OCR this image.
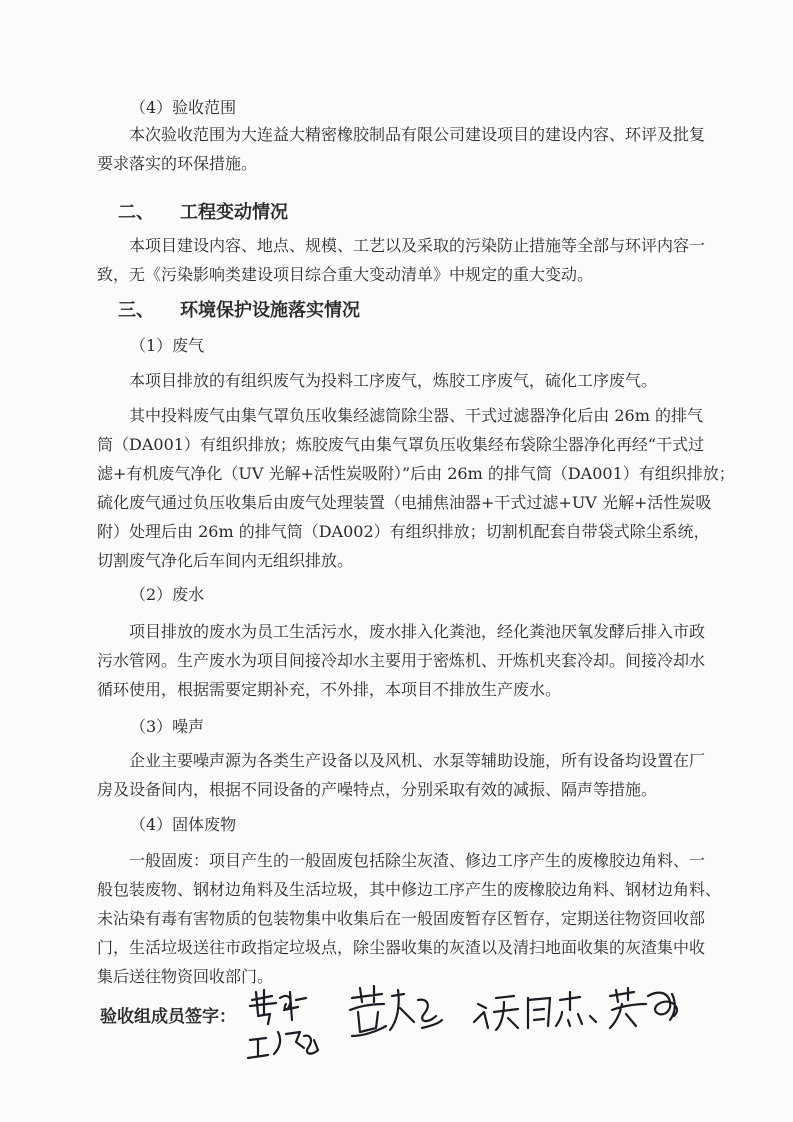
（4）验收范围
本次验收范围为大连益大精密橡胶制品有限公司建设项目的建设内容、环评及批复
要求落实的环保措施。
二、 工程变动情况
本项目建设内容、地点、规模、工艺以及采取的污染防止措施等全部与环评内容一
致，无《污染影响类建设项目综合重大变动清单》中规定的重大变动。
三、 环境保护设施落实情况
（1）废气
本项目排放的有组织废气为投料工序废气，炼胶工序废气，硫化工序废气。
其中投料废气由集气罩负压收集经滤筒除尘器、干式过滤器净化后由 26m 的排气
筒（DA001）有组织排放；炼胶废气由集气罩负压收集经布袋除尘器净化再经“干式过
滤+有机废气净化（UV 光解+活性炭吸附）”后由 26m 的排气筒（DA001）有组织排放；
硫化废气通过负压收集后由废气处理装置（电捕焦油器+干式过滤+UV 光解+活性炭吸
附）处理后由 26m 的排气筒（DA002）有组织排放；切割机配套自带袋式除尘系统，
切割废气净化后车间内无组织排放。
（2）废水
项目排放的废水为员工生活污水，废水排入化粪池，经化粪池厌氧发酵后排入市政
污水管网。生产废水为项目间接冷却水主要用于密炼机、开炼机夹套冷却。间接冷却水
循环使用，根据需要定期补充，不外排，本项目不排放生产废水。
（3）噪声
企业主要噪声源为各类生产设备以及风机、水泵等辅助设施，所有设备均设置在厂
房及设备间内，根据不同设备的产噪特点，分别采取有效的减振、隔声等措施。
（4）固体废物
一般固废：项目产生的一般固废包括除尘灰渣、修边工序产生的废橡胶边角料、一
般包装废物、钢材边角料及生活垃圾，其中修边工序产生的废橡胶边角料、钢材边角料、
未沾染有毒有害物质的包装物集中收集后在一般固废暂存区暂存，定期送往物资回收部
门，生活垃圾送往市政指定垃圾点，除尘器收集的灰渣以及清扫地面收集的灰渣集中收
集后送往物资回收部门。
验收组成员签字：
